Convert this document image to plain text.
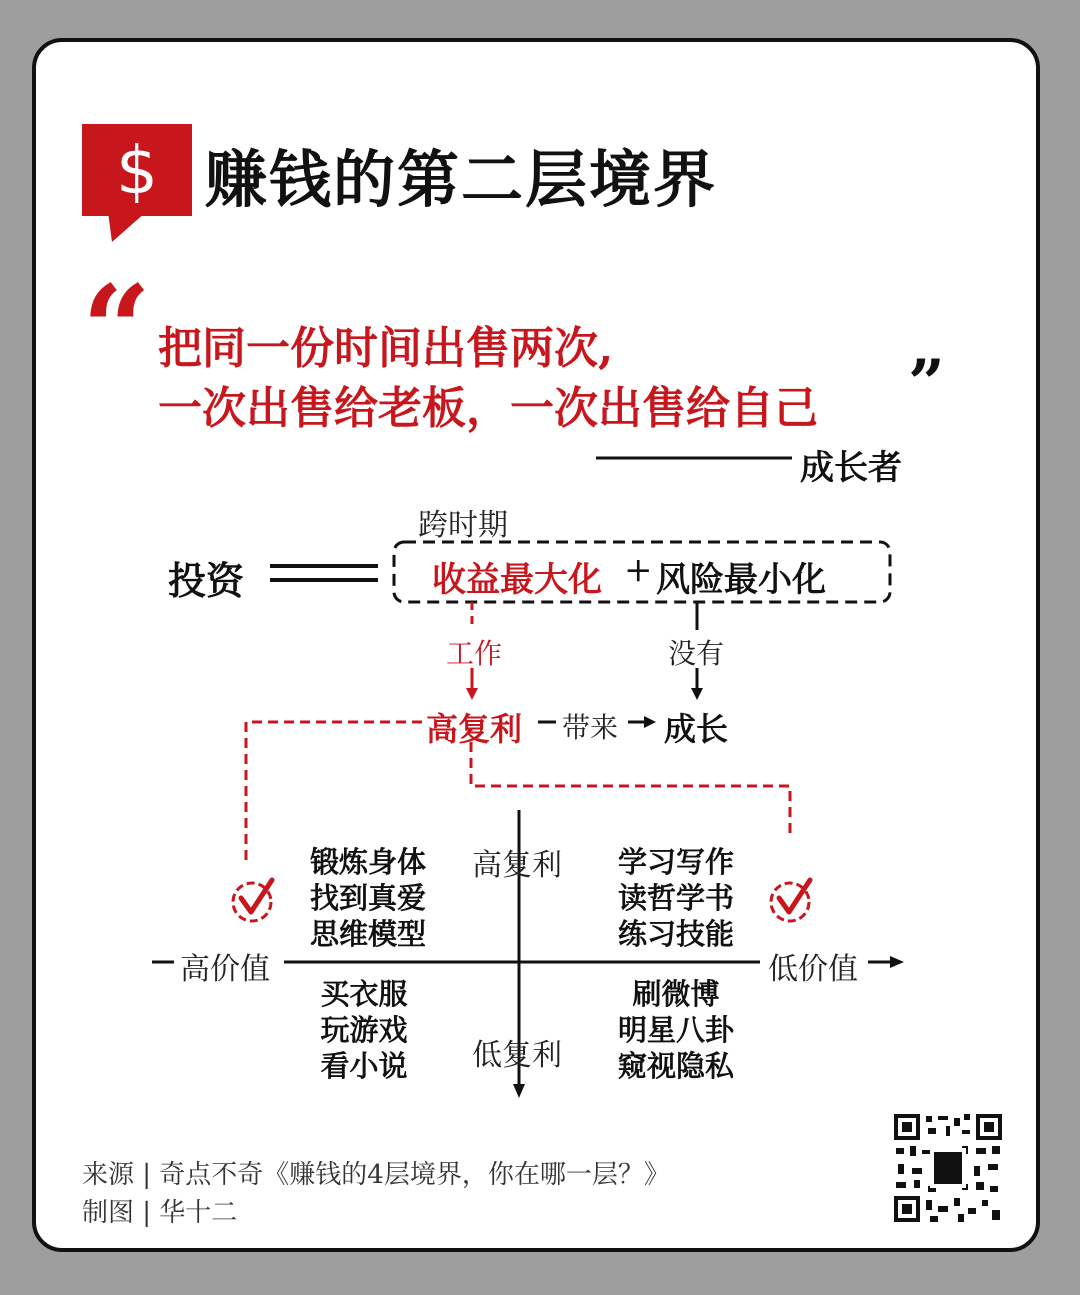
$ 赚钱的第二层境界
“ 把同一份时间出售两次,
一次出售给老板，一次出售给自己 ”
成长者
跨时期
投资	收益最大化 + 风险最小化
工作	没有
高复利 带来 成长
高复利
低复利
高价值	低价值
锻炼身体
找到真爱
思维模型
学习写作
读哲学书
练习技能
买衣服
玩游戏
看小说
刷微博
明星八卦
窥视隐私
来源 | 奇点不奇《赚钱的4层境界，你在哪一层？》
制图 | 华十二
